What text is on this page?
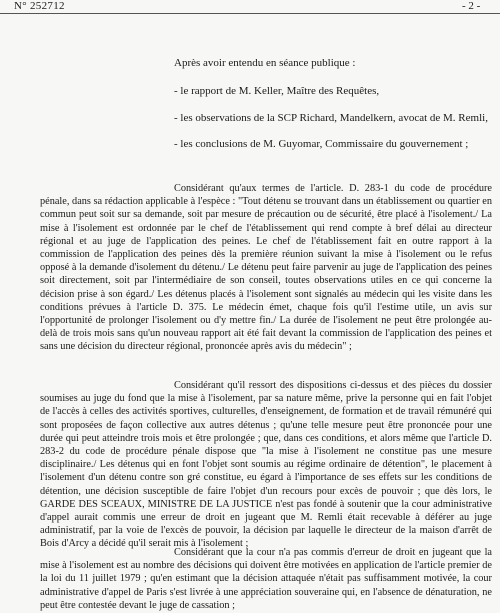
N° 252712	- 2 -
Après avoir entendu en séance publique :
- le rapport de M. Keller, Maître des Requêtes,
- les observations de la SCP Richard, Mandelkern, avocat de M. Remli,
- les conclusions de M. Guyomar, Commissaire du gouvernement ;

Considérant qu'aux termes de l'article. D. 283-1 du code de procédure pénale, dans sa rédaction applicable à l'espèce : "Tout détenu se trouvant dans un établissement ou quartier en commun peut soit sur sa demande, soit par mesure de précaution ou de sécurité, être placé à l'isolement./ La mise à l'isolement est ordonnée par le chef de l'établissement qui rend compte à bref délai au directeur régional et au juge de l'application des peines. Le chef de l'établissement fait en outre rapport à la commission de l'application des peines dès la première réunion suivant la mise à l'isolement ou le refus opposé à la demande d'isolement du détenu./ Le détenu peut faire parvenir au juge de l'application des peines soit directement, soit par l'intermédiaire de son conseil, toutes observations utiles en ce qui concerne la décision prise à son égard./ Les détenus placés à l'isolement sont signalés au médecin qui les visite dans les conditions prévues à l'article D. 375. Le médecin émet, chaque fois qu'il l'estime utile, un avis sur l'opportunité de prolonger l'isolement ou d'y mettre fin./ La durée de l'isolement ne peut être prolongée au-delà de trois mois sans qu'un nouveau rapport ait été fait devant la commission de l'application des peines et sans une décision du directeur régional, prononcée après avis du médecin" ;

Considérant qu'il ressort des dispositions ci-dessus et des pièces du dossier soumises au juge du fond que la mise à l'isolement, par sa nature même, prive la personne qui en fait l'objet de l'accès à celles des activités sportives, culturelles, d'enseignement, de formation et de travail rémunéré qui sont proposées de façon collective aux autres détenus ; qu'une telle mesure peut être prononcée pour une durée qui peut atteindre trois mois et être prolongée ; que, dans ces conditions, et alors même que l'article D. 283-2 du code de procédure pénale dispose que "la mise à l'isolement ne constitue pas une mesure disciplinaire./ Les détenus qui en font l'objet sont soumis au régime ordinaire de détention", le placement à l'isolement d'un détenu contre son gré constitue, eu égard à l'importance de ses effets sur les conditions de détention, une décision susceptible de faire l'objet d'un recours pour excès de pouvoir ; que dès lors, le GARDE DES SCEAUX, MINISTRE DE LA JUSTICE n'est pas fondé à soutenir que la cour administrative d'appel aurait commis une erreur de droit en jugeant que M. Remli était recevable à déférer au juge administratif, par la voie de l'excès de pouvoir, la décision par laquelle le directeur de la maison d'arrêt de Bois d'Arcy a décidé qu'il serait mis à l'isolement ;

Considérant que la cour n'a pas commis d'erreur de droit en jugeant que la mise à l'isolement est au nombre des décisions qui doivent être motivées en application de l'article premier de la loi du 11 juillet 1979 ; qu'en estimant que la décision attaquée n'était pas suffisamment motivée, la cour administrative d'appel de Paris s'est livrée à une appréciation souveraine qui, en l'absence de dénaturation, ne peut être contestée devant le juge de cassation ;
